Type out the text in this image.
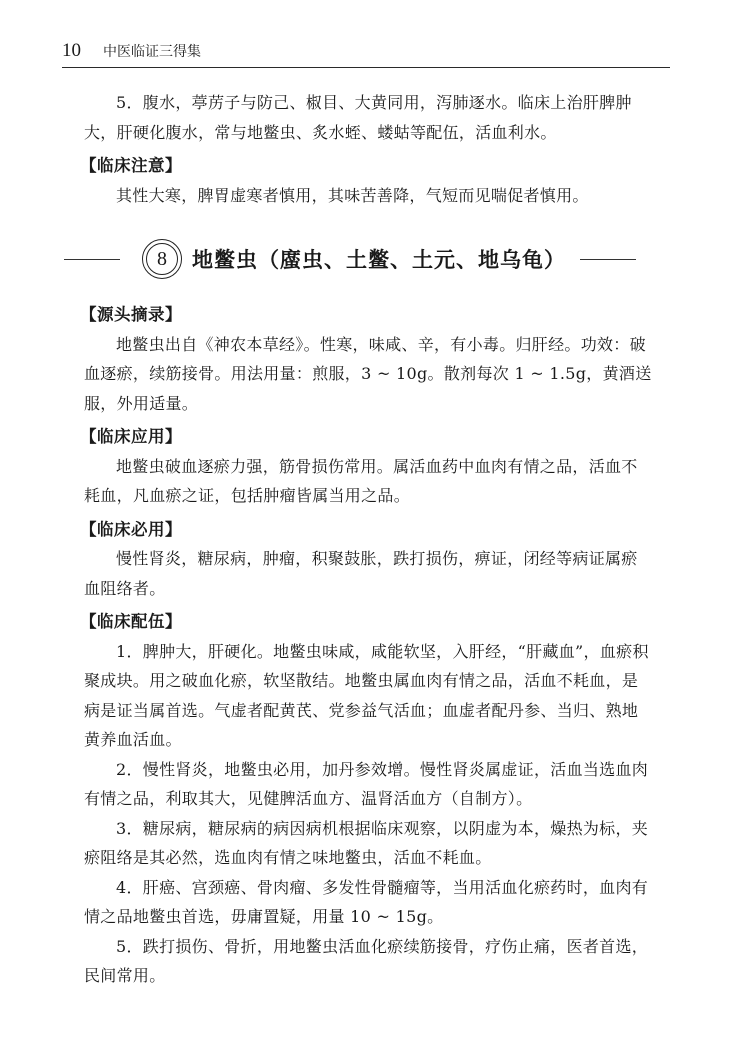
10 中医临证三得集

5．腹水，葶苈子与防己、椒目、大黄同用，泻肺逐水。临床上治肝脾肿大，肝硬化腹水，常与地鳖虫、炙水蛭、蝼蛄等配伍，活血利水。

【临床注意】

其性大寒，脾胃虚寒者慎用，其味苦善降，气短而见喘促者慎用。

8 地鳖虫（䗪虫、土鳖、土元、地乌龟）
【源头摘录】

地鳖虫出自《神农本草经》。性寒，味咸、辛，有小毒。归肝经。功效：破血逐瘀，续筋接骨。用法用量：煎服，3 ~ 10g。散剂每次 1 ~ 1.5g，黄酒送服，外用适量。

【临床应用】

地鳖虫破血逐瘀力强，筋骨损伤常用。属活血药中血肉有情之品，活血不耗血，凡血瘀之证，包括肿瘤皆属当用之品。

【临床必用】

慢性肾炎，糖尿病，肿瘤，积聚鼓胀，跌打损伤，痹证，闭经等病证属瘀血阻络者。

【临床配伍】

1．脾肿大，肝硬化。地鳖虫味咸，咸能软坚，入肝经，“肝藏血”，血瘀积聚成块。用之破血化瘀，软坚散结。地鳖虫属血肉有情之品，活血不耗血，是病是证当属首选。气虚者配黄芪、党参益气活血；血虚者配丹参、当归、熟地黄养血活血。

2．慢性肾炎，地鳖虫必用，加丹参效增。慢性肾炎属虚证，活血当选血肉有情之品，利取其大，见健脾活血方、温肾活血方（自制方）。

3．糖尿病，糖尿病的病因病机根据临床观察，以阴虚为本，燥热为标，夹瘀阻络是其必然，选血肉有情之味地鳖虫，活血不耗血。

4．肝癌、宫颈癌、骨肉瘤、多发性骨髓瘤等，当用活血化瘀药时，血肉有情之品地鳖虫首选，毋庸置疑，用量 10 ~ 15g。

5．跌打损伤、骨折，用地鳖虫活血化瘀续筋接骨，疗伤止痛，医者首选，民间常用。
